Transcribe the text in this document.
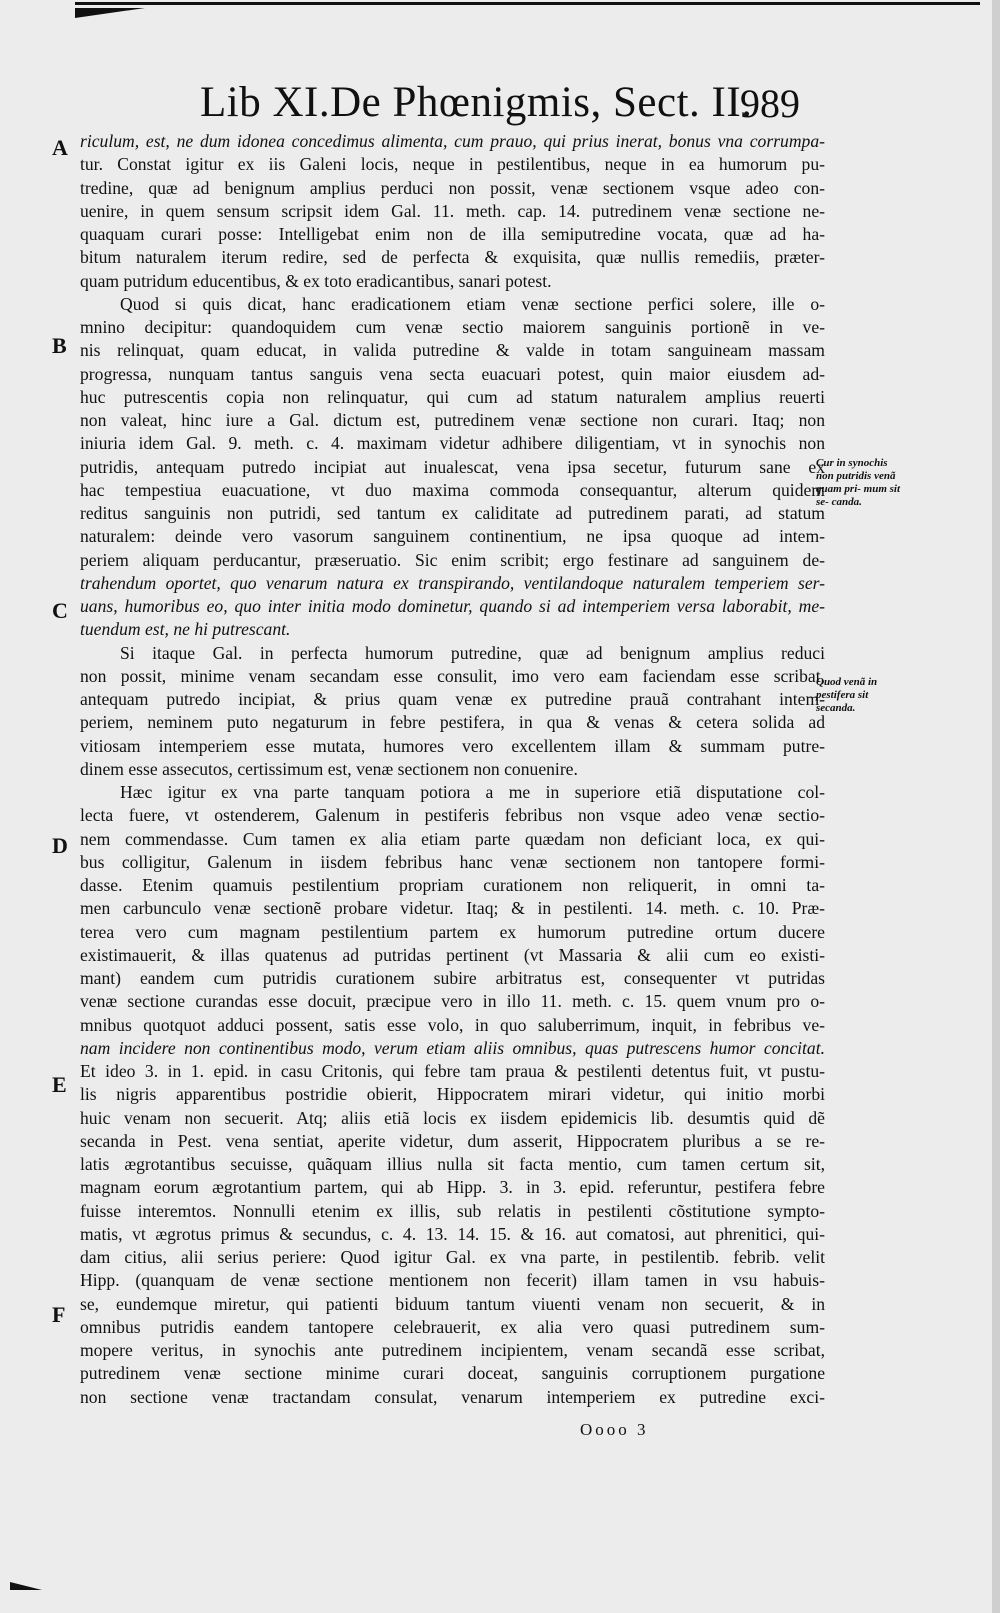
Lib XI.De Phœnigmis, Sect. II.
989
A
B
C
D
E
F
Cur in synochis non putridis venã quam pri- mum sit se- canda.
Quod venã in pestifera sit secanda.
riculum, est, ne dum idonea concedimus alimenta, cum prauo, qui prius inerat, bonus vna corrumpa-
tur. Constat igitur ex iis Galeni locis, neque in pestilentibus, neque in ea humorum pu-
tredine, quæ ad benignum amplius perduci non possit, venæ sectionem vsque adeo con-
uenire, in quem sensum scripsit idem Gal. 11. meth. cap. 14. putredinem venæ sectione ne-
quaquam curari posse: Intelligebat enim non de illa semiputredine vocata, quæ ad ha-
bitum naturalem iterum redire, sed de perfecta & exquisita, quæ nullis remediis, præter-
quam putridum educentibus, & ex toto eradicantibus, sanari potest.
Quod si quis dicat, hanc eradicationem etiam venæ sectione perfici solere, ille o-
mnino decipitur: quandoquidem cum venæ sectio maiorem sanguinis portionẽ in ve-
nis relinquat, quam educat, in valida putredine & valde in totam sanguineam massam
progressa, nunquam tantus sanguis vena secta euacuari potest, quin maior eiusdem ad-
huc putrescentis copia non relinquatur, qui cum ad statum naturalem amplius reuerti
non valeat, hinc iure a Gal. dictum est, putredinem venæ sectione non curari. Itaq; non
iniuria idem Gal. 9. meth. c. 4. maximam videtur adhibere diligentiam, vt in synochis non
putridis, antequam putredo incipiat aut inualescat, vena ipsa secetur, futurum sane ex
hac tempestiua euacuatione, vt duo maxima commoda consequantur, alterum quidem
reditus sanguinis non putridi, sed tantum ex caliditate ad putredinem parati, ad statum
naturalem: deinde vero vasorum sanguinem continentium, ne ipsa quoque ad intem-
periem aliquam perducantur, præseruatio. Sic enim scribit; ergo festinare ad sanguinem de-
trahendum oportet, quo venarum natura ex transpirando, ventilandoque naturalem temperiem ser-
uans, humoribus eo, quo inter initia modo dominetur, quando si ad intemperiem versa laborabit, me-
tuendum est, ne hi putrescant.
Si itaque Gal. in perfecta humorum putredine, quæ ad benignum amplius reduci
non possit, minime venam secandam esse consulit, imo vero eam faciendam esse scribat,
antequam putredo incipiat, & prius quam venæ ex putredine prauã contrahant intem-
periem, neminem puto negaturum in febre pestifera, in qua & venas & cetera solida ad
vitiosam intemperiem esse mutata, humores vero excellentem illam & summam putre-
dinem esse assecutos, certissimum est, venæ sectionem non conuenire.
Hæc igitur ex vna parte tanquam potiora a me in superiore etiã disputatione col-
lecta fuere, vt ostenderem, Galenum in pestiferis febribus non vsque adeo venæ sectio-
nem commendasse. Cum tamen ex alia etiam parte quædam non deficiant loca, ex qui-
bus colligitur, Galenum in iisdem febribus hanc venæ sectionem non tantopere formi-
dasse. Etenim quamuis pestilentium propriam curationem non reliquerit, in omni ta-
men carbunculo venæ sectionẽ probare videtur. Itaq; & in pestilenti. 14. meth. c. 10. Præ-
terea vero cum magnam pestilentium partem ex humorum putredine ortum ducere
existimauerit, & illas quatenus ad putridas pertinent (vt Massaria & alii cum eo existi-
mant) eandem cum putridis curationem subire arbitratus est, consequenter vt putridas
venæ sectione curandas esse docuit, præcipue vero in illo 11. meth. c. 15. quem vnum pro o-
mnibus quotquot adduci possent, satis esse volo, in quo saluberrimum, inquit, in febribus ve-
nam incidere non continentibus modo, verum etiam aliis omnibus, quas putrescens humor concitat.
Et ideo 3. in 1. epid. in casu Critonis, qui febre tam praua & pestilenti detentus fuit, vt pustu-
lis nigris apparentibus postridie obierit, Hippocratem mirari videtur, qui initio morbi
huic venam non secuerit. Atq; aliis etiã locis ex iisdem epidemicis lib. desumtis quid dẽ
secanda in Pest. vena sentiat, aperite videtur, dum asserit, Hippocratem pluribus a se re-
latis ægrotantibus secuisse, quãquam illius nulla sit facta mentio, cum tamen certum sit,
magnam eorum ægrotantium partem, qui ab Hipp. 3. in 3. epid. referuntur, pestifera febre
fuisse interemtos. Nonnulli etenim ex illis, sub relatis in pestilenti cõstitutione sympto-
matis, vt ægrotus primus & secundus, c. 4. 13. 14. 15. & 16. aut comatosi, aut phrenitici, qui-
dam citius, alii serius periere: Quod igitur Gal. ex vna parte, in pestilentib. febrib. velit
Hipp. (quanquam de venæ sectione mentionem non fecerit) illam tamen in vsu habuis-
se, eundemque miretur, qui patienti biduum tantum viuenti venam non secuerit, & in
omnibus putridis eandem tantopere celebrauerit, ex alia vero quasi putredinem sum-
mopere veritus, in synochis ante putredinem incipientem, venam secandã esse scribat,
putredinem venæ sectione minime curari doceat, sanguinis corruptionem purgatione
non sectione venæ tractandam consulat, venarum intemperiem ex putredine exci-
Oooo 3
